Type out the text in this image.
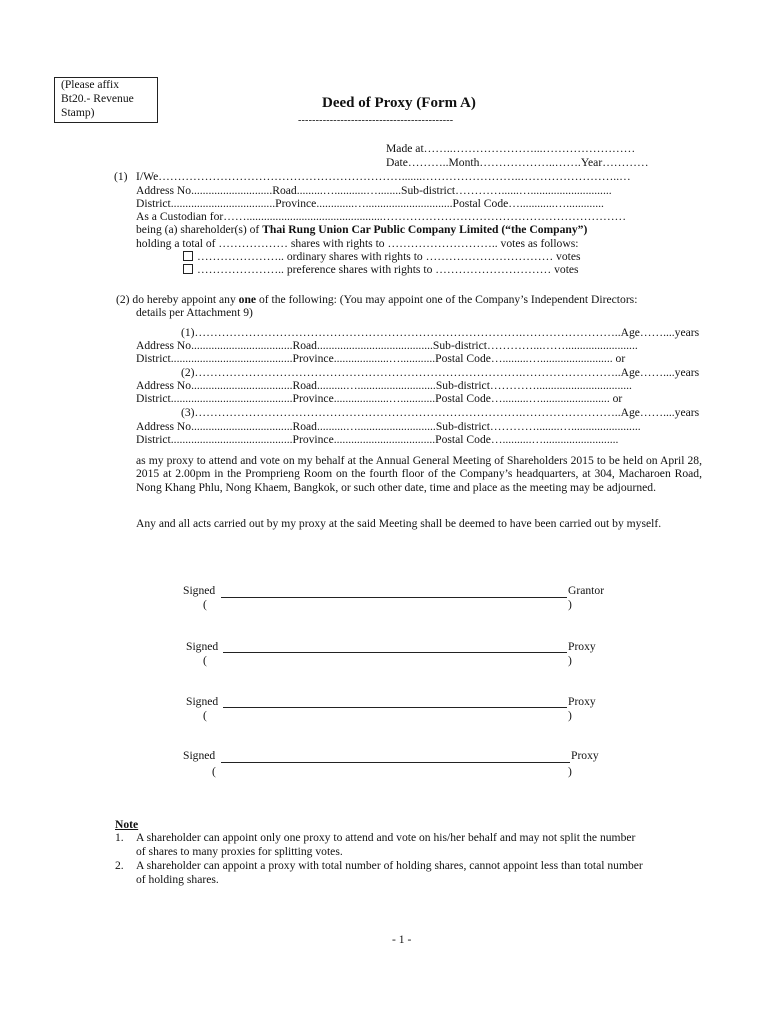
(Please affix
Bt20.- Revenue
Stamp)
Deed of Proxy (Form A)
--------------------------------------------
Made at……..…………………...……………………
Date………..Month………………..…….Year…………
(1) I/We……………………………………………………….......……………………..……………………..…
Address No............................Road.........…...........…........Sub-district…………......…............................
District....................................Province.............…..............................Postal Code…............….............
As a Custodian for……...............................................………………………………………………………
being (a) shareholder(s) of Thai Rung Union Car Public Company Limited (“the Company”)
holding a total of ……………… shares with rights to ……………………….. votes as follows:
………………….. ordinary shares with rights to …………………………… votes
………………….. preference shares with rights to ………………………… votes
(2) do hereby appoint any one of the following: (You may appoint one of the Company’s Independent Directors:
details per Attachment 9)
(1)………………………………………………………………………….……………………..Age……....years
Address No...................................Road........................................Sub-district…………...…….........................
District..........................................Province...................…............Postal Code….........…......................... or
(2)………………………………………………………………………….……………………..Age……....years
Address No...................................Road..........…...........................Sub-district………….................................
District..........................................Province...................…............Postal Code….........…........................ or
(3)………………………………………………………………………….……………………..Age……....years
Address No...................................Road..........…...........................Sub-district…………........…........................
District..........................................Province...................................Postal Code…..........…..........................
as my proxy to attend and vote on my behalf at the Annual General Meeting of Shareholders 2015 to be held on April 28, 2015 at 2.00pm in the Promprieng Room on the fourth floor of the Company’s headquarters, at 304, Macharoen Road, Nong Khang Phlu, Nong Khaem, Bangkok, or such other date, time and place as the meeting may be adjourned.
Any and all acts carried out by my proxy at the said Meeting shall be deemed to have been carried out by myself.
Signed	Grantor
(	)
Signed	Proxy
(	)
Signed	Proxy
(	)
Signed	Proxy
(	)
Note
1. A shareholder can appoint only one proxy to attend and vote on his/her behalf and may not split the number
of shares to many proxies for splitting votes.
2. A shareholder can appoint a proxy with total number of holding shares, cannot appoint less than total number
of holding shares.
- 1 -
